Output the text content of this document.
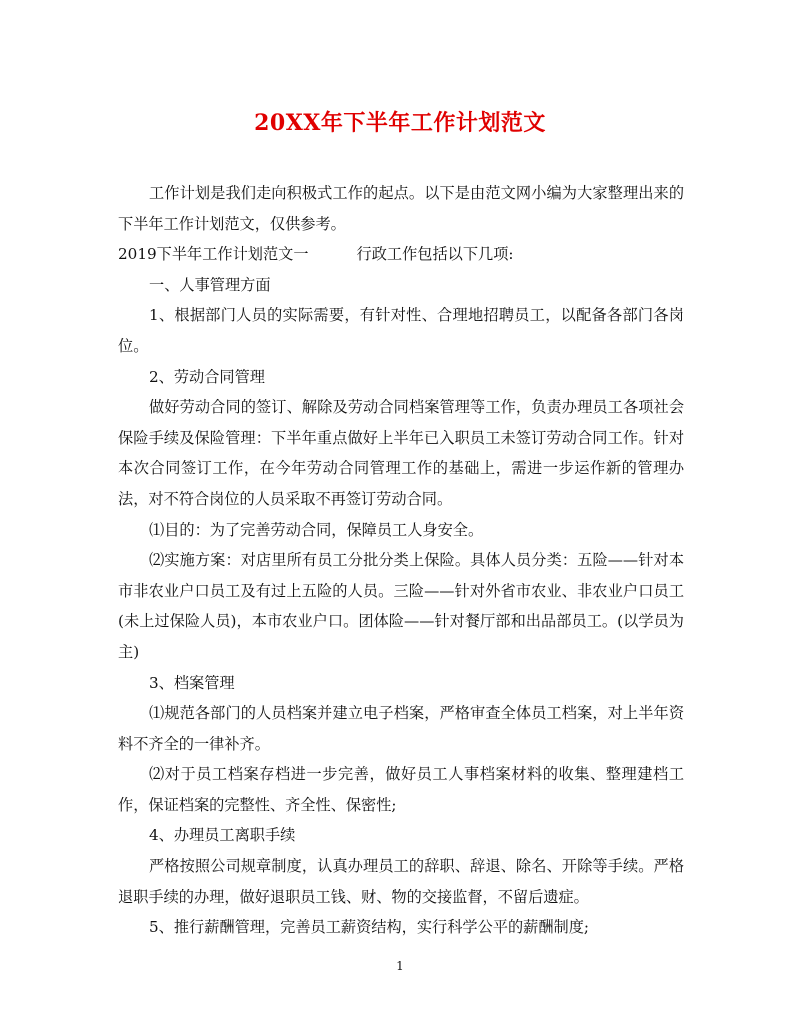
20XX年下半年工作计划范文

工作计划是我们走向积极式工作的起点。以下是由范文网小编为大家整理出来的下半年工作计划范文，仅供参考。

2019下半年工作计划范文一	行政工作包括以下几项:

一、人事管理方面

1、根据部门人员的实际需要，有针对性、合理地招聘员工，以配备各部门各岗位。

2、劳动合同管理

做好劳动合同的签订、解除及劳动合同档案管理等工作，负责办理员工各项社会保险手续及保险管理：下半年重点做好上半年已入职员工未签订劳动合同工作。针对本次合同签订工作，在今年劳动合同管理工作的基础上，需进一步运作新的管理办法，对不符合岗位的人员采取不再签订劳动合同。

⑴目的：为了完善劳动合同，保障员工人身安全。

⑵实施方案：对店里所有员工分批分类上保险。具体人员分类：五险——针对本市非农业户口员工及有过上五险的人员。三险——针对外省市农业、非农业户口员工(未上过保险人员)，本市农业户口。团体险——针对餐厅部和出品部员工。(以学员为主)

3、档案管理

⑴规范各部门的人员档案并建立电子档案，严格审查全体员工档案，对上半年资料不齐全的一律补齐。

⑵对于员工档案存档进一步完善，做好员工人事档案材料的收集、整理建档工作，保证档案的完整性、齐全性、保密性;

4、办理员工离职手续

严格按照公司规章制度，认真办理员工的辞职、辞退、除名、开除等手续。严格退职手续的办理，做好退职员工钱、财、物的交接监督，不留后遗症。

5、推行薪酬管理，完善员工薪资结构，实行科学公平的薪酬制度;

1
